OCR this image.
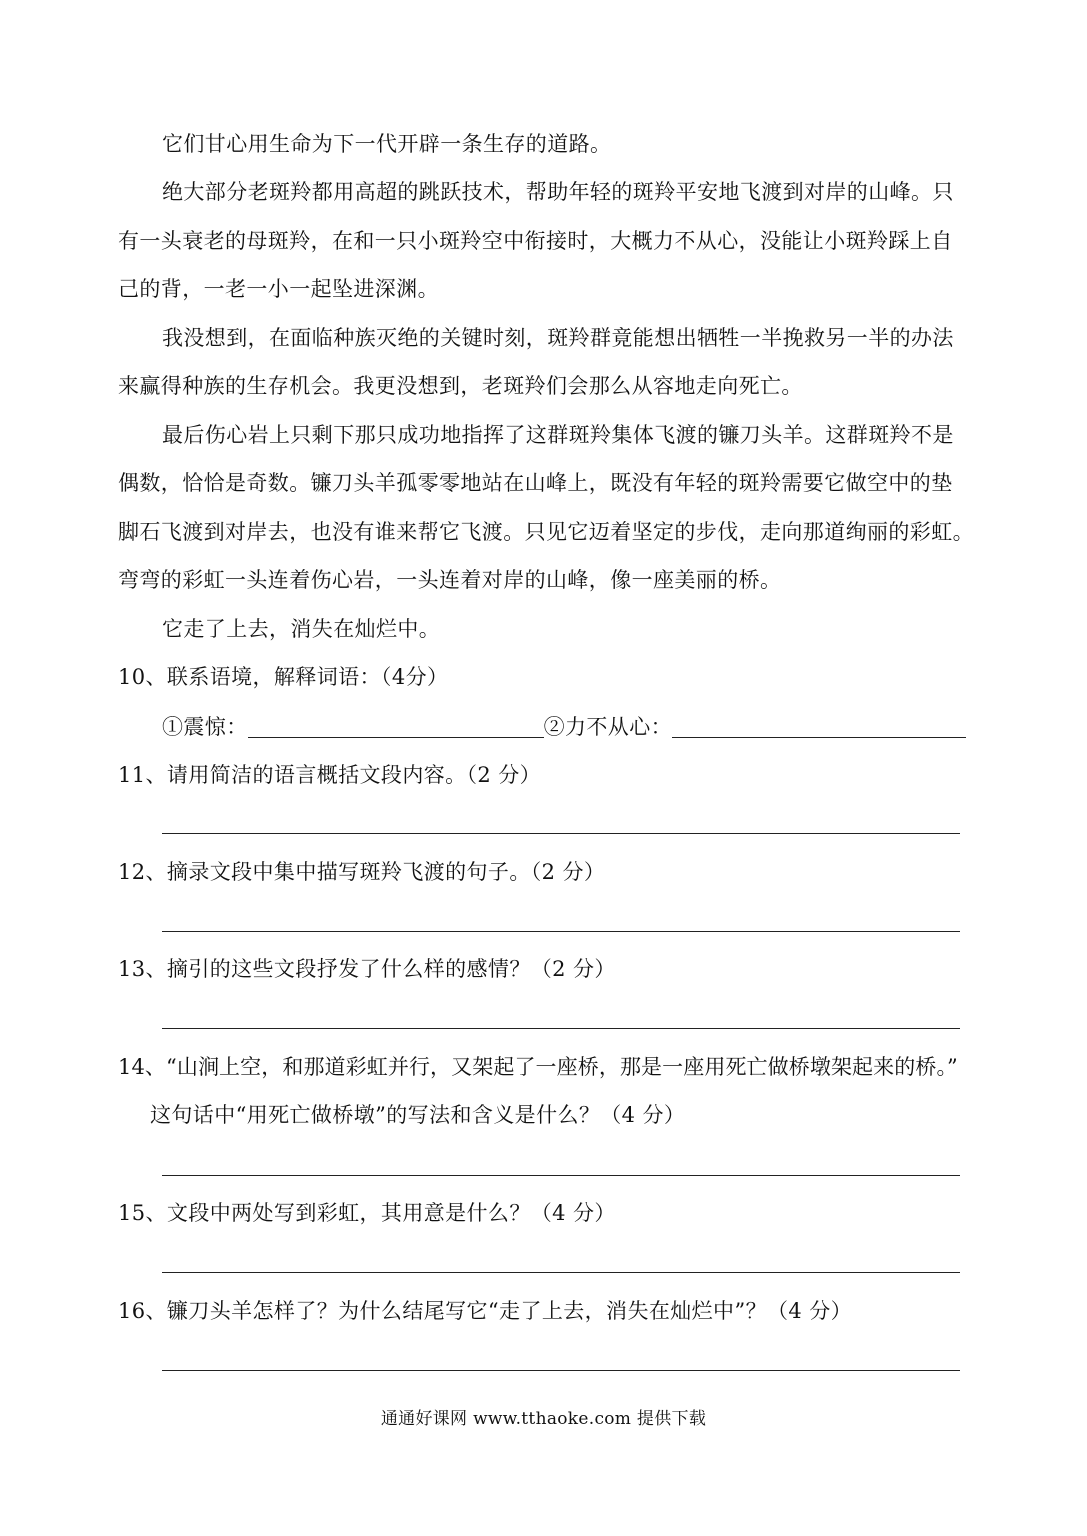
它们甘心用生命为下一代开辟一条生存的道路。
绝大部分老斑羚都用高超的跳跃技术，帮助年轻的斑羚平安地飞渡到对岸的山峰。只
有一头衰老的母斑羚，在和一只小斑羚空中衔接时，大概力不从心，没能让小斑羚踩上自
己的背，一老一小一起坠进深渊。
我没想到，在面临种族灭绝的关键时刻，斑羚群竟能想出牺牲一半挽救另一半的办法
来赢得种族的生存机会。我更没想到，老斑羚们会那么从容地走向死亡。
最后伤心岩上只剩下那只成功地指挥了这群斑羚集体飞渡的镰刀头羊。这群斑羚不是
偶数，恰恰是奇数。镰刀头羊孤零零地站在山峰上，既没有年轻的斑羚需要它做空中的垫
脚石飞渡到对岸去，也没有谁来帮它飞渡。只见它迈着坚定的步伐，走向那道绚丽的彩虹。
弯弯的彩虹一头连着伤心岩，一头连着对岸的山峰，像一座美丽的桥。
它走了上去，消失在灿烂中。
10、联系语境，解释词语：（4分）
①震惊：	②力不从心：
11、请用简洁的语言概括文段内容。（2 分）
12、摘录文段中集中描写斑羚飞渡的句子。（2 分）
13、摘引的这些文段抒发了什么样的感情？（2 分）
14、“山涧上空，和那道彩虹并行，又架起了一座桥，那是一座用死亡做桥墩架起来的桥。”
这句话中“用死亡做桥墩”的写法和含义是什么？（4 分）
15、文段中两处写到彩虹，其用意是什么？（4 分）
16、镰刀头羊怎样了？为什么结尾写它“走了上去，消失在灿烂中”？（4 分）
通通好课网 www.tthaoke.com 提供下载
